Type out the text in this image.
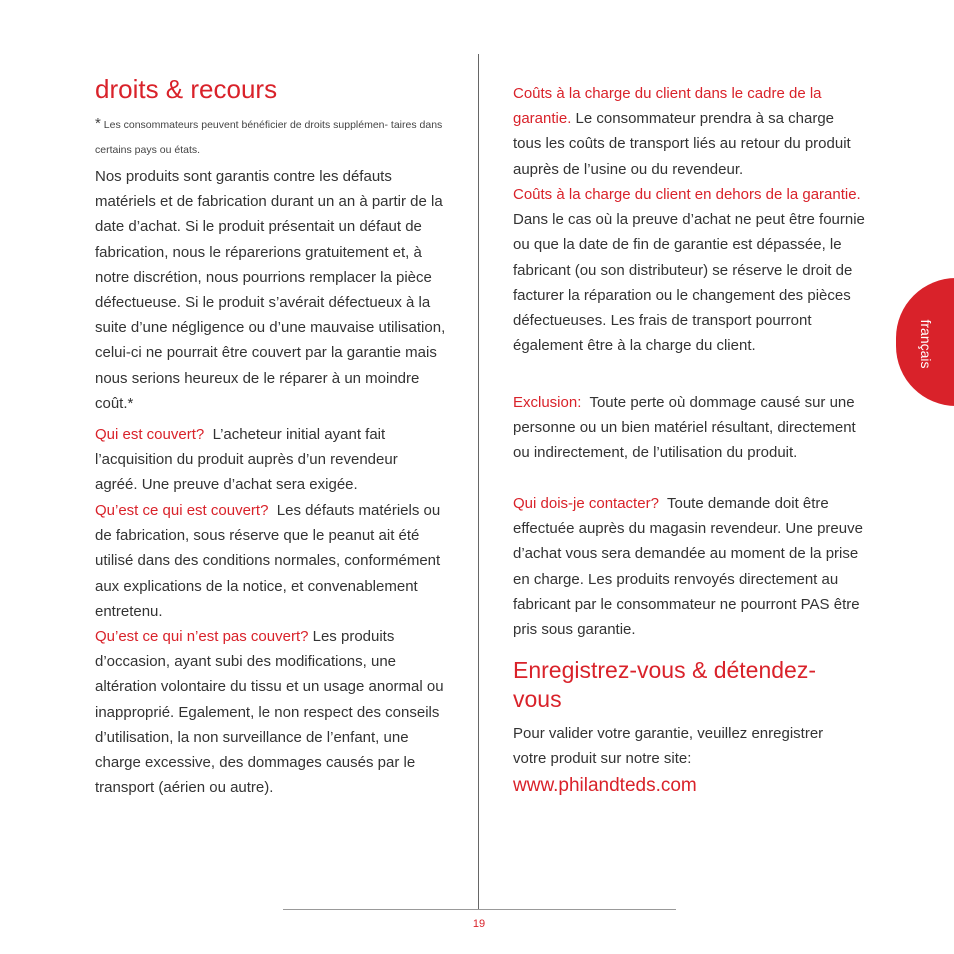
droits & recours
* Les consommateurs peuvent bénéficier de droits supplémen- taires dans certains pays ou états.

Nos produits sont garantis contre les défauts matériels et de fabrication durant un an à partir de la date d’achat. Si le produit présentait un défaut de fabrication, nous le réparerions gratuitement et, à notre discrétion, nous pourrions remplacer la pièce défectueuse. Si le produit s’avérait défectueux à la suite d’une négligence ou d’une mauvaise utilisation, celui-ci ne pourrait être couvert par la garantie mais nous serions heureux de le réparer à un moindre coût.*

Qui est couvert? L’acheteur initial ayant fait l’acquisition du produit auprès d’un revendeur agréé. Une preuve d’achat sera exigée.

Qu’est ce qui est couvert? Les défauts matériels ou de fabrication, sous réserve que le peanut ait été utilisé dans des conditions normales, conformément aux explications de la notice, et convenablement entretenu.

Qu’est ce qui n’est pas couvert? Les produits d’occasion, ayant subi des modifications, une altération volontaire du tissu et un usage anormal ou inapproprié. Egalement, le non respect des conseils d’utilisation, la non surveillance de l’enfant, une charge excessive, des dommages causés par le transport (aérien ou autre).

Coûts à la charge du client dans le cadre de la garantie. Le consommateur prendra à sa charge tous les coûts de transport liés au retour du produit auprès de l’usine ou du revendeur.

Coûts à la charge du client en dehors de la garantie.  Dans le cas où la preuve d’achat ne peut être fournie ou que la date de fin de garantie est dépassée, le fabricant (ou son distributeur) se réserve le droit de facturer la réparation ou le changement des pièces défectueuses. Les frais de transport pourront également être à la charge du client.

Exclusion: Toute perte où dommage causé sur une personne ou un bien matériel résultant, directement ou indirectement, de l’utilisation du produit.

Qui dois-je contacter? Toute demande doit être effectuée auprès du magasin revendeur. Une preuve d’achat vous sera demandée au moment de la prise en charge. Les produits renvoyés directement au fabricant par le consommateur ne pourront PAS être pris sous garantie.

Enregistrez-vous & détendez-vous

Pour valider votre garantie, veuillez enregistrer votre produit sur notre site:

www.philandteds.com
français
19
